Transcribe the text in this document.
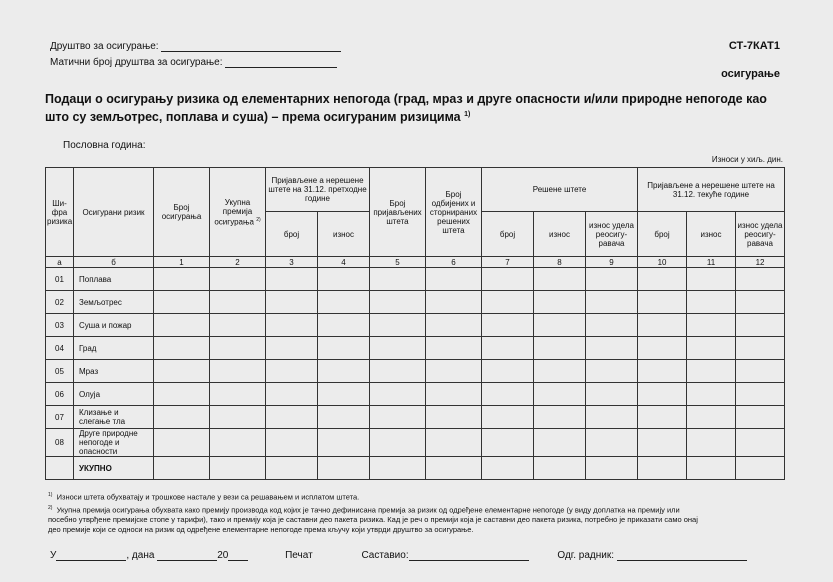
Друштво за осигурање:
Матични број друштва за осигурање:
СТ-7КАТ1
осигурање
Подаци о осигурању ризика од елементарних непогода (град, мраз и друге опасности и/или природне непогоде као
што су земљотрес, поплава и суша) – према осигураним ризицима $^{1)}$
Пословна година:
Износи у хиљ. дин.
Ши-фра ризика	Осигурани ризик	Број осигурања	Укупна премија осигурања $^{2)}$	Пријављене а нерешене штете на 31.12. претходне године		Број пријављених штета	Број одбијених и сторнираних решених штета	Решене штете			Пријављене а нерешене штете на 31.12. текуће године		
				број	износ			број	износ	износ удела реосигу-равача	број	износ	износ удела реосигу-равача
а	б	1	2	3	4	5	6	7	8	9	10	11	12
01	Поплава												
02	Земљотрес												
03	Суша и пожар												
04	Град												
05	Мраз												
06	Олуја												
07	Клизање и слегање тла												
08	Друге природне непогоде и опасности												
	УКУПНО												
$^{1)}$ Износи штета обухватају и трошкове настале у вези са решавањем и исплатом штета.
$^{2)}$ Укупна премија осигурања обухвата како премију производа код којих је тачно дефинисана премија за ризик од одређене елементарне непогоде (у виду доплатка на премију или
посебно утврђене премијске стопе у тарифи), тако и премију која је саставни део пакета ризика. Кад је реч о премији која је саставни део пакета ризика, потребно је приказати само онај
део премије који се односи на ризик од одређене елементарне непогоде према кључу који утврди друштво за осигурање.
У	, дана	20	Печат	Саставио:	Одг. радник:
